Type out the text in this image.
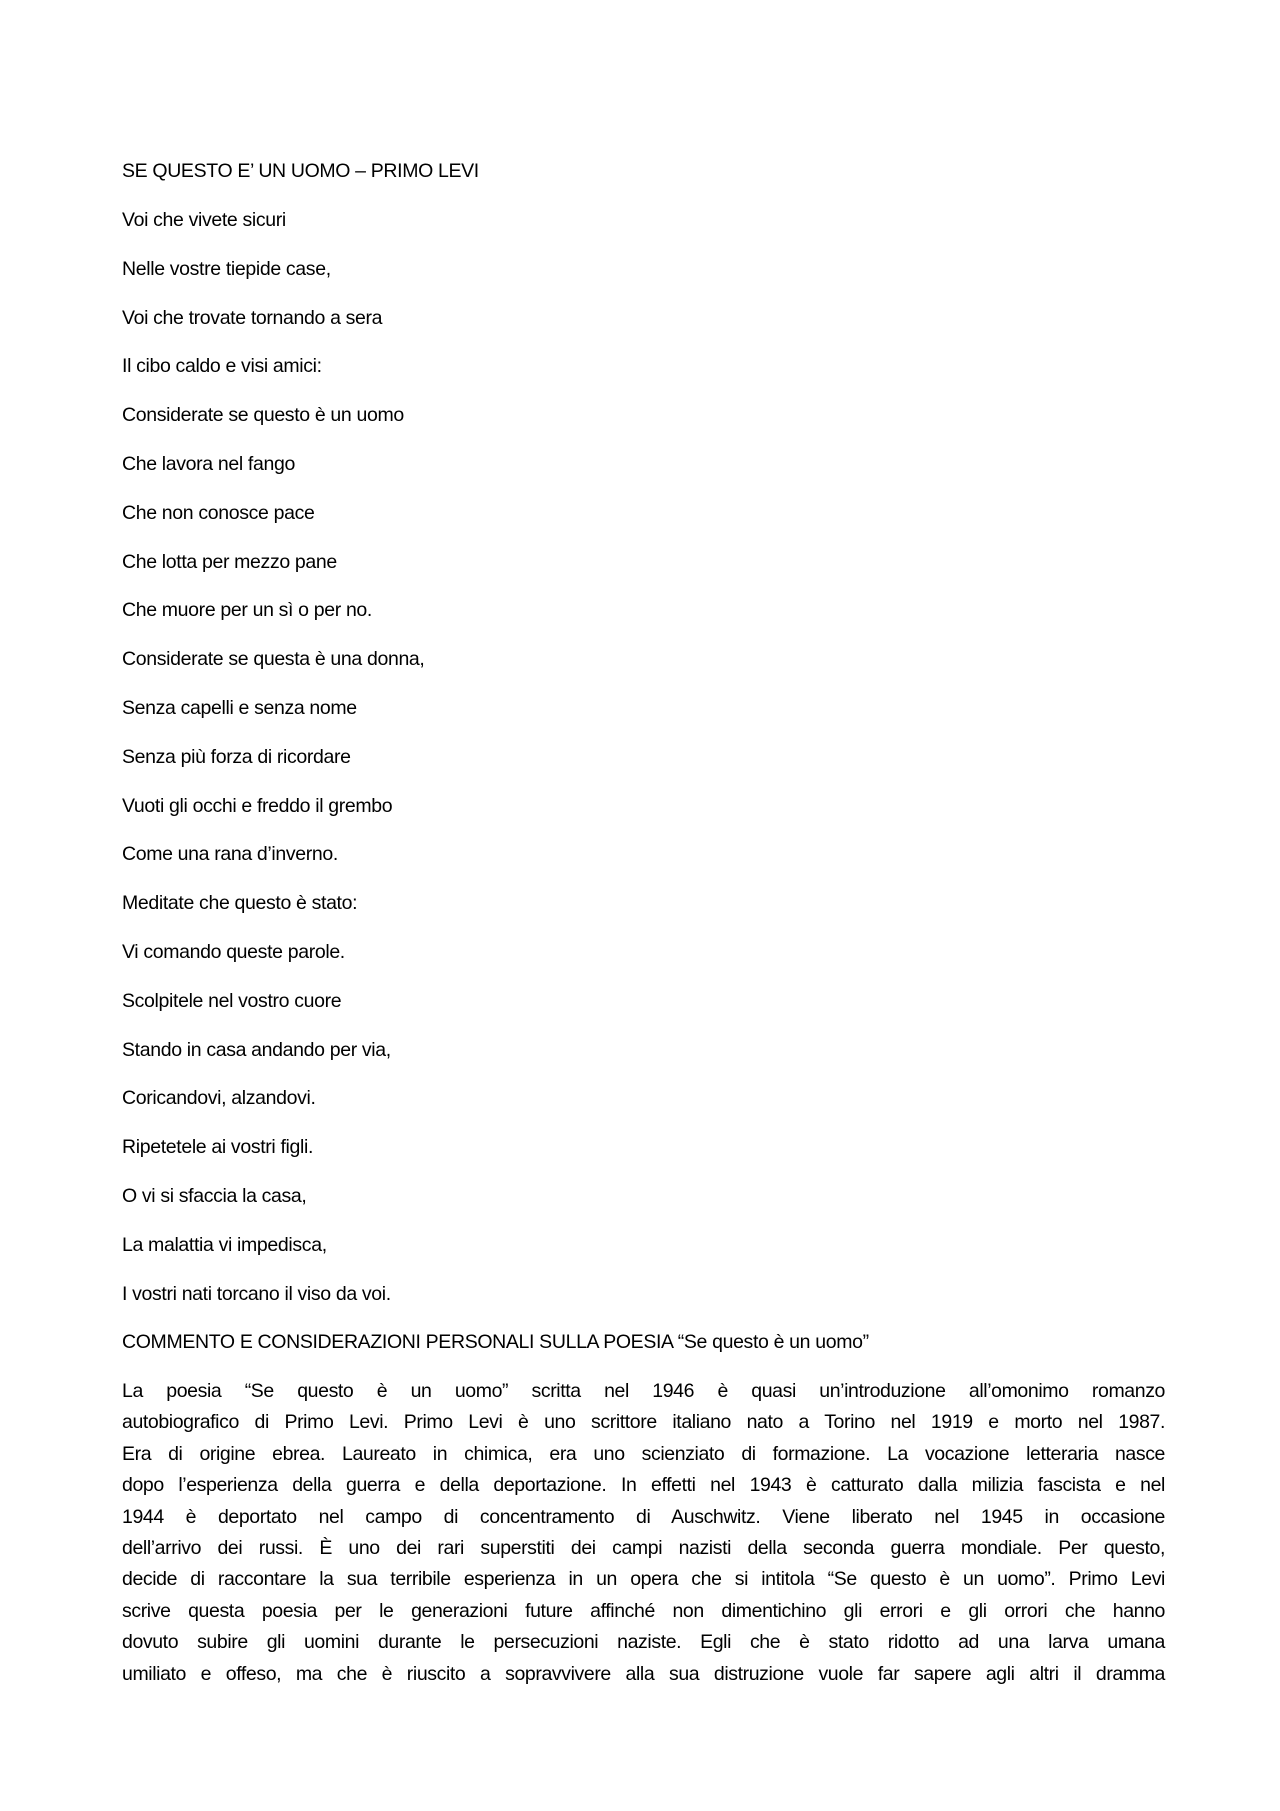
SE QUESTO E’ UN UOMO – PRIMO LEVI
Voi che vivete sicuri
Nelle vostre tiepide case,
Voi che trovate tornando a sera
Il cibo caldo e visi amici:
Considerate se questo è un uomo
Che lavora nel fango
Che non conosce pace
Che lotta per mezzo pane
Che muore per un sì o per no.
Considerate se questa è una donna,
Senza capelli e senza nome
Senza più forza di ricordare
Vuoti gli occhi e freddo il grembo
Come una rana d’inverno.
Meditate che questo è stato:
Vi comando queste parole.
Scolpitele nel vostro cuore
Stando in casa andando per via,
Coricandovi, alzandovi.
Ripetetele ai vostri figli.
O vi si sfaccia la casa,
La malattia vi impedisca,
I vostri nati torcano il viso da voi.
COMMENTO E CONSIDERAZIONI PERSONALI SULLA POESIA “Se questo è un uomo”
La poesia “Se questo è un uomo” scritta nel 1946 è quasi un’introduzione all’omonimo romanzo
autobiografico di Primo Levi. Primo Levi è uno scrittore italiano nato a Torino nel 1919 e morto nel 1987.
Era di origine ebrea. Laureato in chimica, era uno scienziato di formazione. La vocazione letteraria nasce
dopo l’esperienza della guerra e della deportazione. In effetti nel 1943 è catturato dalla milizia fascista e nel
1944 è deportato nel campo di concentramento di Auschwitz. Viene liberato nel 1945 in occasione
dell’arrivo dei russi. È uno dei rari superstiti dei campi nazisti della seconda guerra mondiale. Per questo,
decide di raccontare la sua terribile esperienza in un opera che si intitola “Se questo è un uomo”. Primo Levi
scrive questa poesia per le generazioni future affinché non dimentichino gli errori e gli orrori che hanno
dovuto subire gli uomini durante le persecuzioni naziste. Egli che è stato ridotto ad una larva umana
umiliato e offeso, ma che è riuscito a sopravvivere alla sua distruzione vuole far sapere agli altri il dramma
